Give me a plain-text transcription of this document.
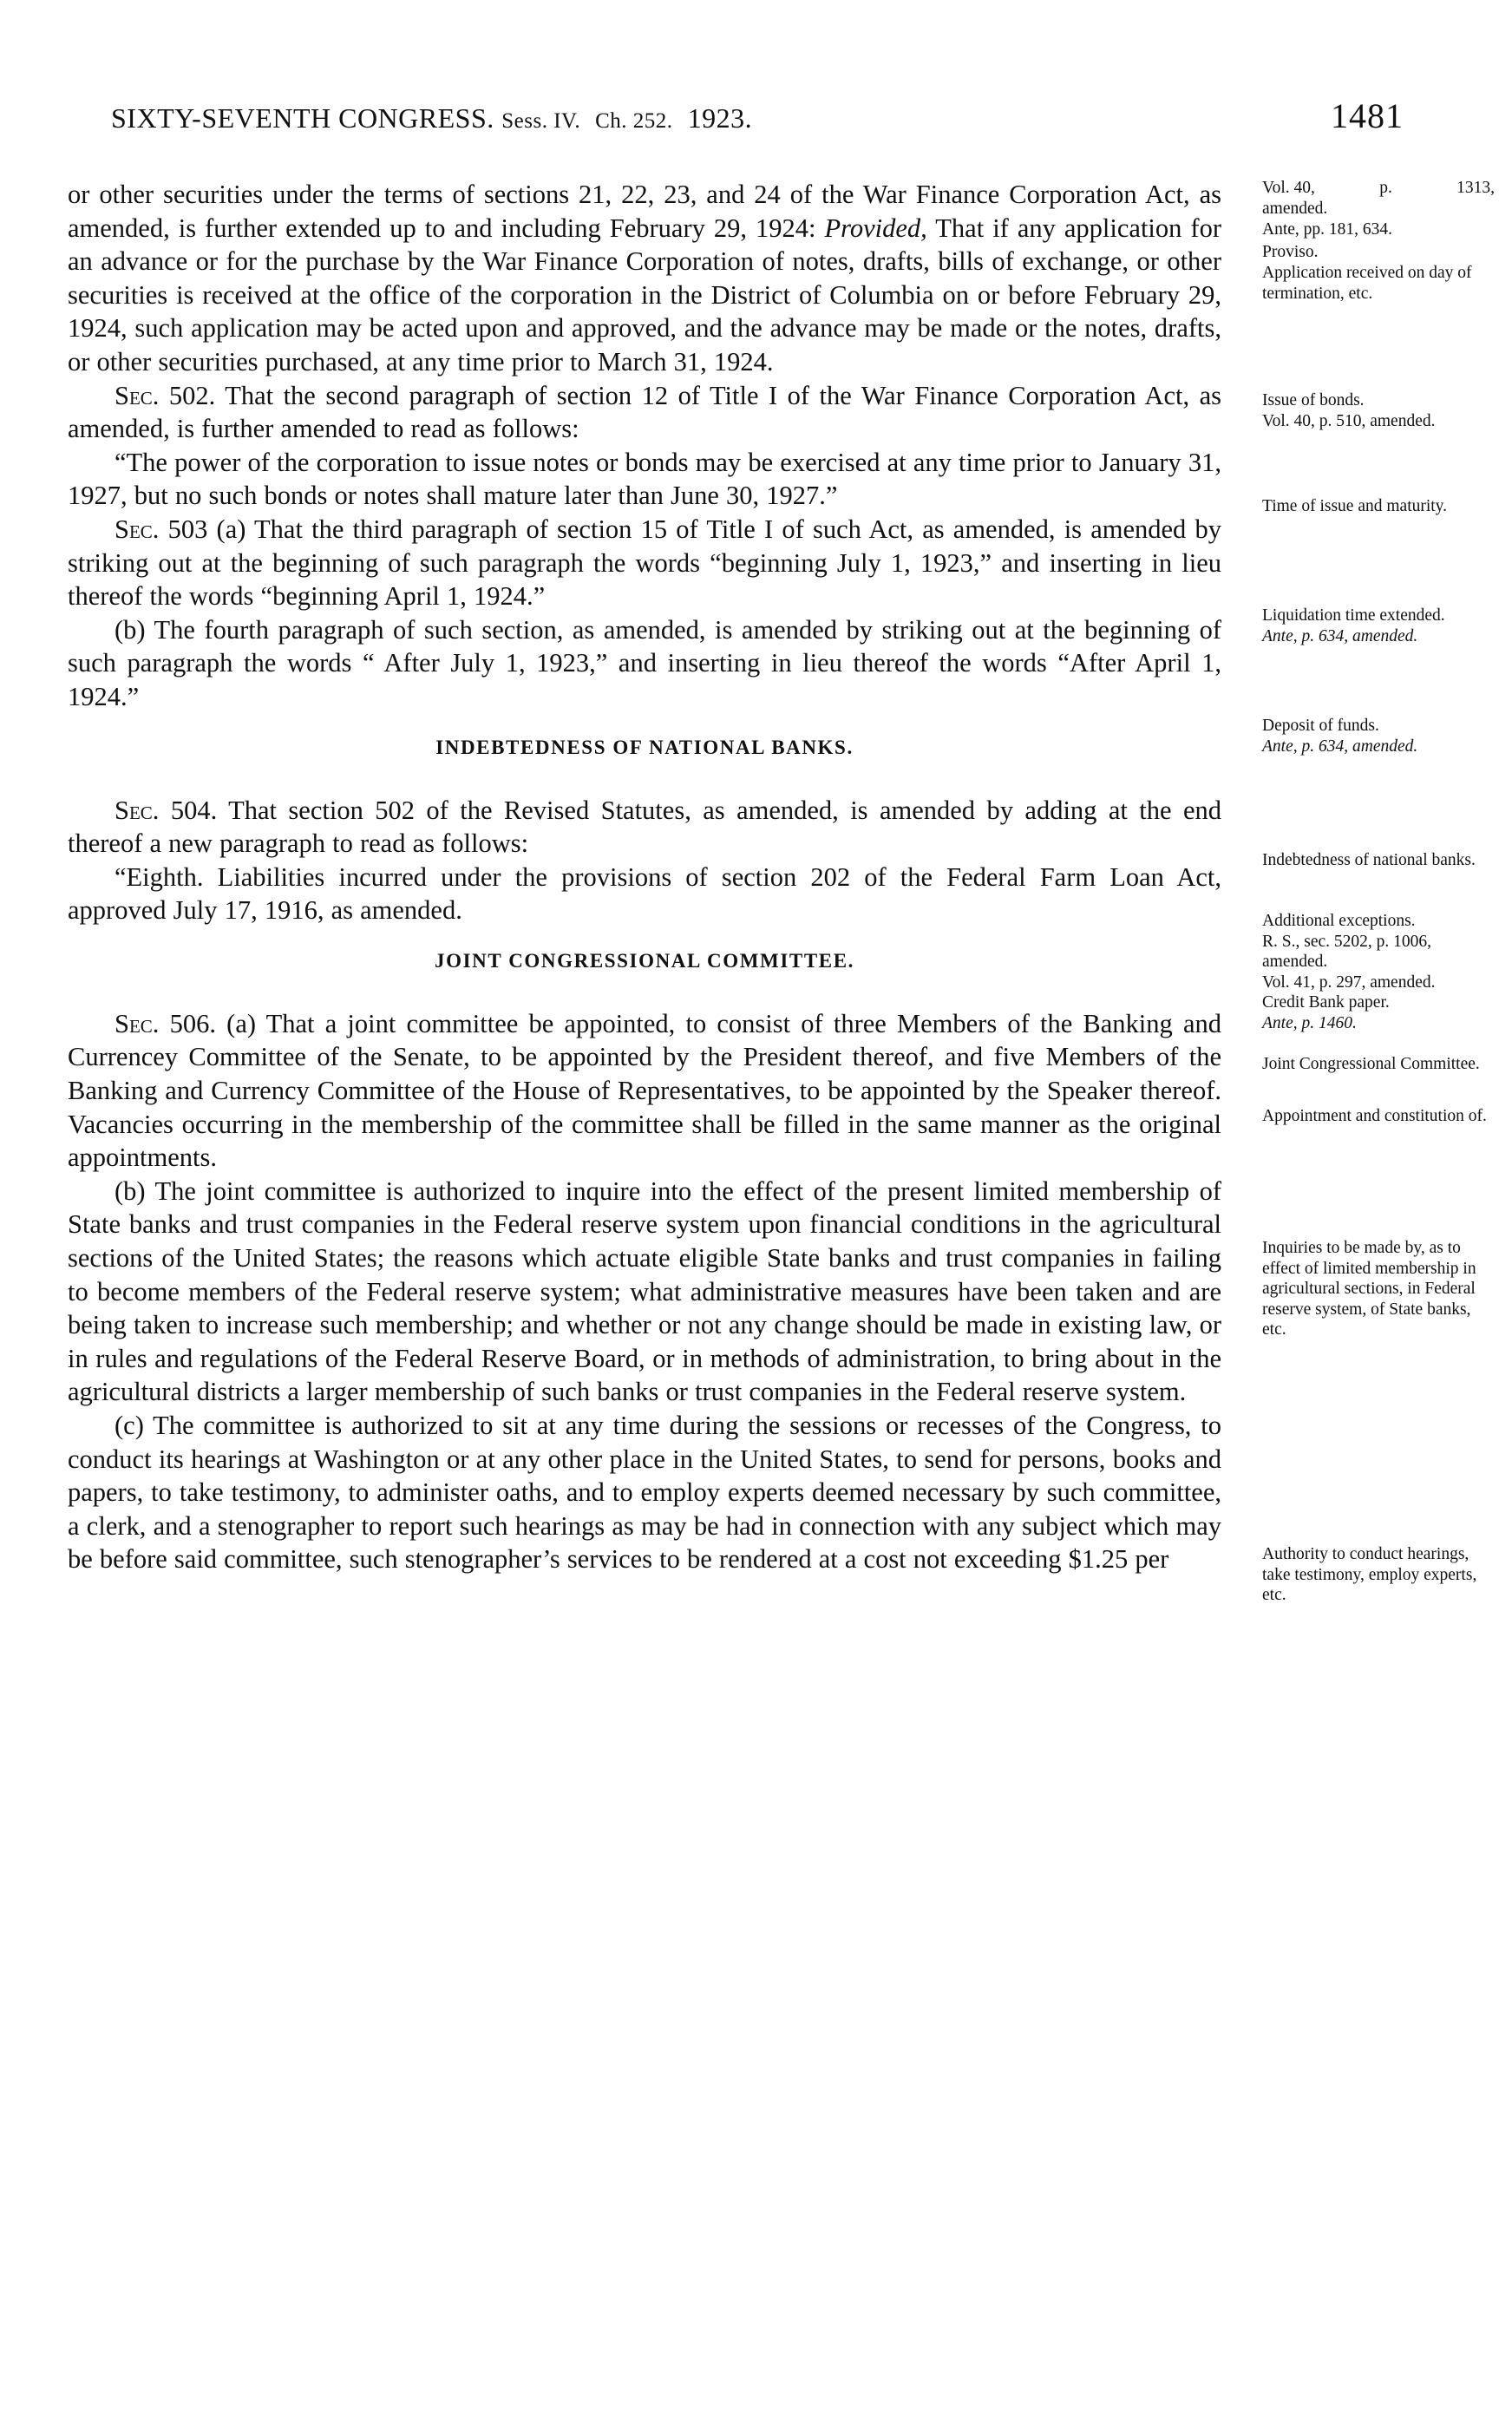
SIXTY-SEVENTH CONGRESS. Sess. IV. Ch. 252. 1923.	1481

or other securities under the terms of sections 21, 22, 23, and 24 of the War Finance Corporation Act, as amended, is further extended up to and including February 29, 1924: Provided, That if any application for an advance or for the purchase by the War Finance Corporation of notes, drafts, bills of exchange, or other securities is received at the office of the corporation in the District of Columbia on or before February 29, 1924, such application may be acted upon and approved, and the advance may be made or the notes, drafts, or other securities purchased, at any time prior to March 31, 1924.

Sec. 502. That the second paragraph of section 12 of Title I of the War Finance Corporation Act, as amended, is further amended to read as follows:

“The power of the corporation to issue notes or bonds may be exercised at any time prior to January 31, 1927, but no such bonds or notes shall mature later than June 30, 1927.”

Sec. 503 (a) That the third paragraph of section 15 of Title I of such Act, as amended, is amended by striking out at the beginning of such paragraph the words “beginning July 1, 1923,” and inserting in lieu thereof the words “beginning April 1, 1924.”

(b) The fourth paragraph of such section, as amended, is amended by striking out at the beginning of such paragraph the words “ After July 1, 1923,” and inserting in lieu thereof the words “After April 1, 1924.”

INDEBTEDNESS OF NATIONAL BANKS.

Sec. 504. That section 502 of the Revised Statutes, as amended, is amended by adding at the end thereof a new paragraph to read as follows:

“Eighth. Liabilities incurred under the provisions of section 202 of the Federal Farm Loan Act, approved July 17, 1916, as amended.

JOINT CONGRESSIONAL COMMITTEE.

Sec. 506. (a) That a joint committee be appointed, to consist of three Members of the Banking and Currencey Committee of the Senate, to be appointed by the President thereof, and five Members of the Banking and Currency Committee of the House of Representatives, to be appointed by the Speaker thereof. Vacancies occurring in the membership of the committee shall be filled in the same manner as the original appointments.

(b) The joint committee is authorized to inquire into the effect of the present limited membership of State banks and trust companies in the Federal reserve system upon financial conditions in the agricultural sections of the United States; the reasons which actuate eligible State banks and trust companies in failing to become members of the Federal reserve system; what administrative measures have been taken and are being taken to increase such membership; and whether or not any change should be made in existing law, or in rules and regulations of the Federal Reserve Board, or in methods of administration, to bring about in the agricultural districts a larger membership of such banks or trust companies in the Federal reserve system.

(c) The committee is authorized to sit at any time during the sessions or recesses of the Congress, to conduct its hearings at Washington or at any other place in the United States, to send for persons, books and papers, to take testimony, to administer oaths, and to employ experts deemed necessary by such committee, a clerk, and a stenographer to report such hearings as may be had in connection with any subject which may be before said committee, such stenographer’s services to be rendered at a cost not exceeding $1.25 per

Vol. 40,	p.	1313,
amended.
Ante, pp. 181, 634.
Proviso.
Application received on day of termination, etc.
Issue of bonds.
Vol. 40, p. 510, amended.
Time of issue and maturity.
Liquidation time extended.
Ante, p. 634, amended.
Deposit of funds.
Ante, p. 634, amended.
Indebtedness of national banks.
Additional exceptions.
R. S., sec. 5202, p. 1006, amended.
Vol. 41, p. 297, amended.
Credit Bank paper.
Ante, p. 1460.
Joint Congressional Committee.
Appointment and constitution of.
Inquiries to be made by, as to effect of limited membership in agricultural sections, in Federal reserve system, of State banks, etc.
Authority to conduct hearings, take testimony, employ experts, etc.
